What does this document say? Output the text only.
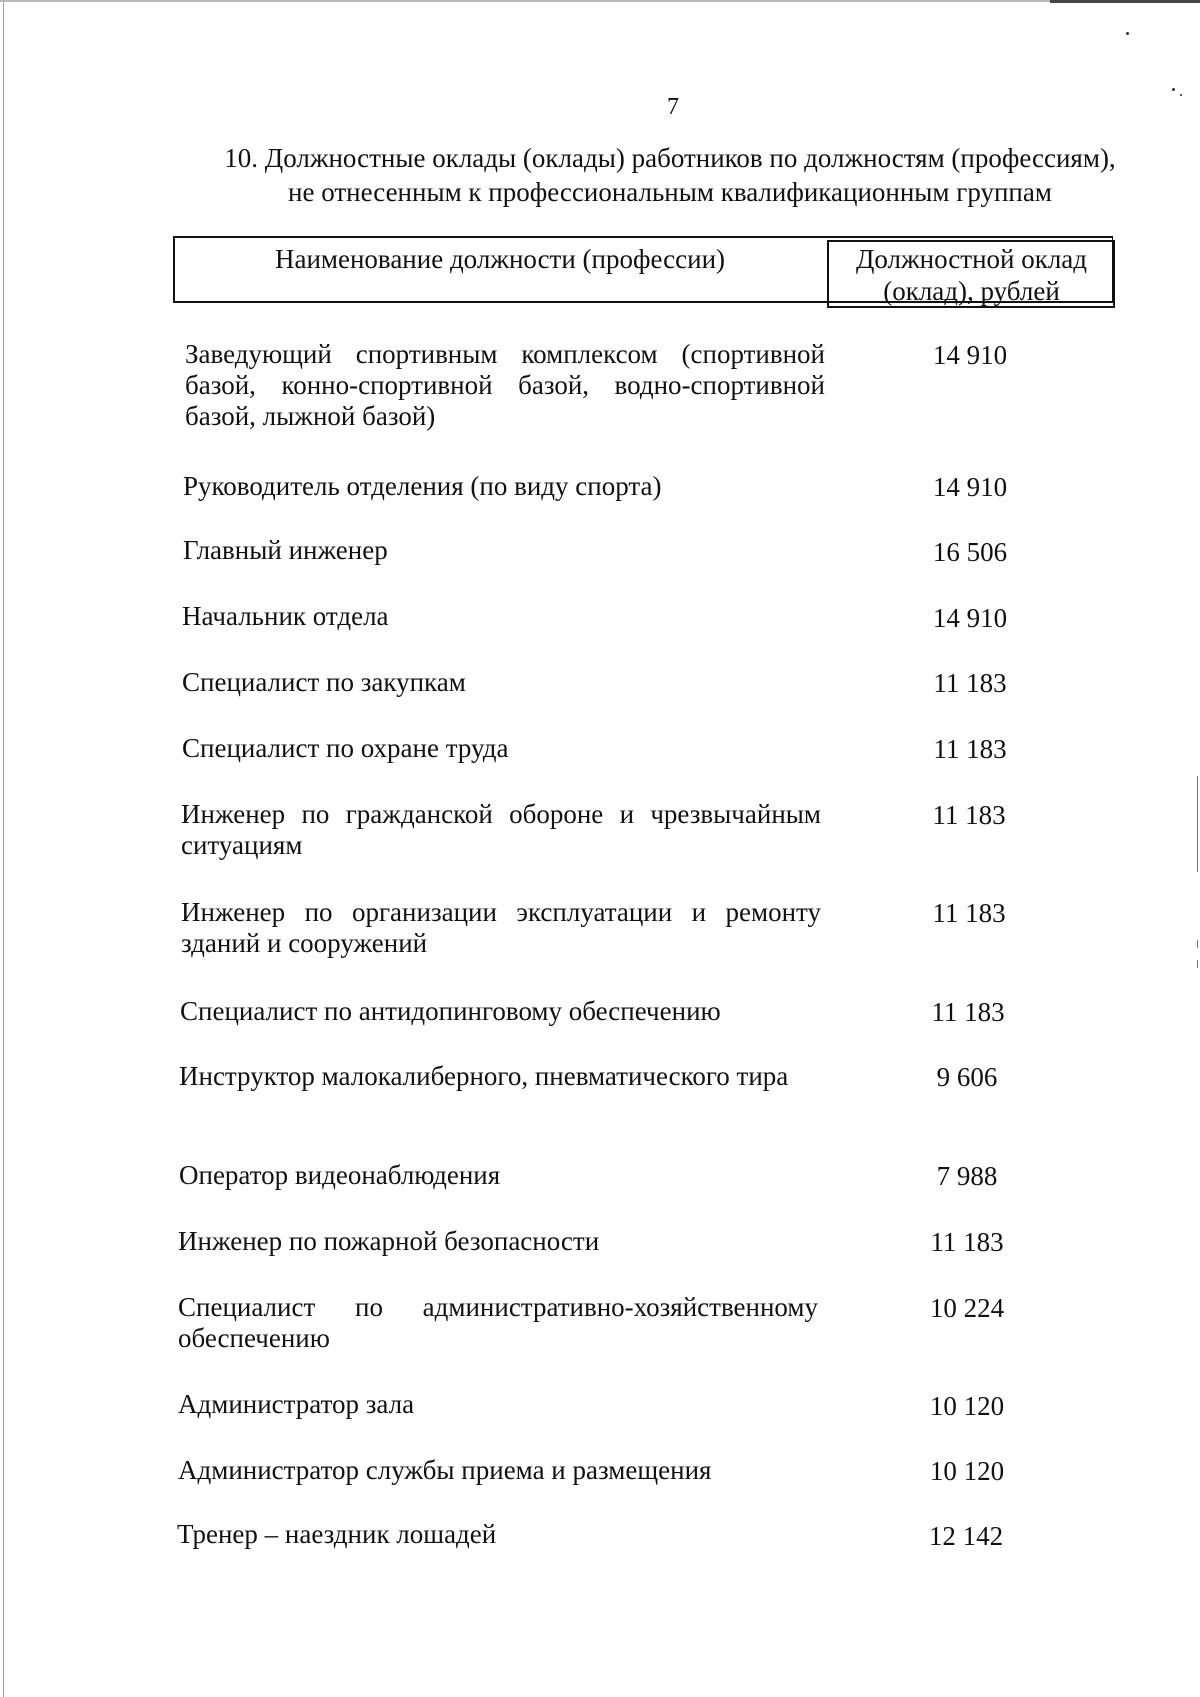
7
10. Должностные оклады (оклады) работников по должностям (профессиям),
не отнесенным к профессиональным квалификационным группам
Наименование должности (профессии)	Должностной оклад
(оклад), рублей
Заведующий спортивным комплексом (спортивной базой, конно-спортивной базой, водно-спортивной базой, лыжной базой)
14 910
Руководитель отделения (по виду спорта)	14 910
Главный инженер	16 506
Начальник отдела	14 910
Специалист по закупкам	11 183
Специалист по охране труда	11 183
Инженер по гражданской обороне и чрезвычайным ситуациям
11 183
Инженер по организации эксплуатации и ремонту зданий и сооружений
11 183
Специалист по антидопинговому обеспечению	11 183
Инструктор малокалиберного, пневматического тира	9 606
Оператор видеонаблюдения	7 988
Инженер по пожарной безопасности	11 183
Специалист по административно-хозяйственному обеспечению
10 224
Администратор зала	10 120
Администратор службы приема и размещения	10 120
Тренер – наездник лошадей	12 142
